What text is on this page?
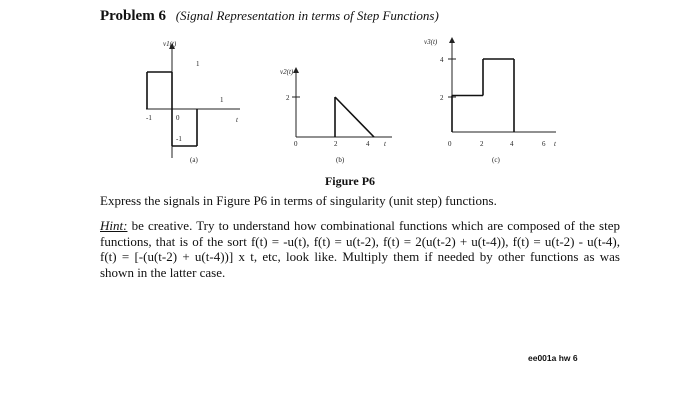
Problem 6 (Signal Representation in terms of Step Functions)
v1(t)
t
-1	0
1
1
-1
(a)
v2(t)
t
2
0	2	4
(b)
v3(t)
t
4
2
0	2	4	6
(c)
Figure P6
Express the signals in Figure P6 in terms of singularity (unit step) functions.
Hint: be creative. Try to understand how combinational functions which are composed of the step functions, that is of the sort f(t) = -u(t), f(t) = u(t-2), f(t) = 2(u(t-2) + u(t-4)), f(t) = u(t-2) - u(t-4), f(t) = [-(u(t-2) + u(t-4))] x t, etc, look like. Multiply them if needed by other functions as was shown in the latter case.
ee001a hw 6
